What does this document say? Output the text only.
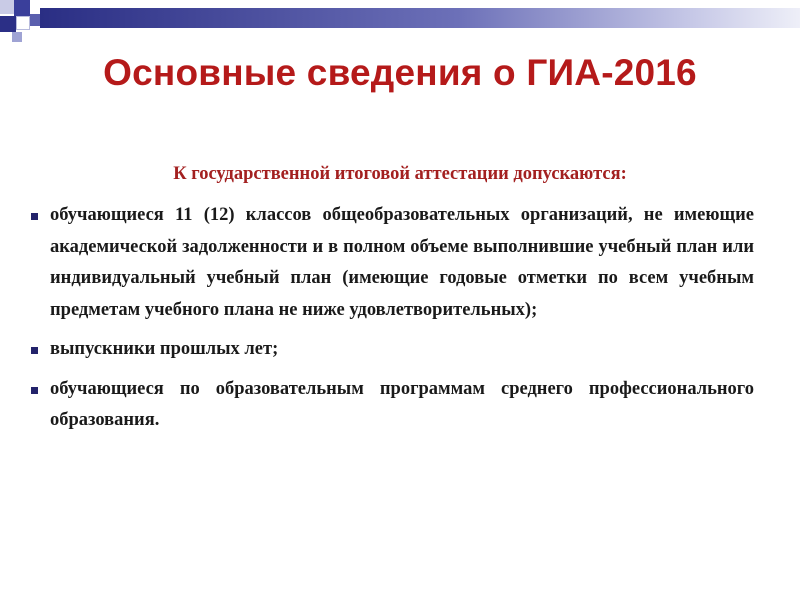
Основные сведения о ГИА-2016

К государственной итоговой аттестации допускаются:

обучающиеся 11 (12) классов общеобразовательных организаций, не имеющие академической задолженности и в полном объеме выполнившие учебный план или индивидуальный учебный план (имеющие годовые отметки по всем учебным предметам учебного плана не ниже удовлетворительных);
выпускники прошлых лет;
обучающиеся по образовательным программам среднего профессионального образования.
